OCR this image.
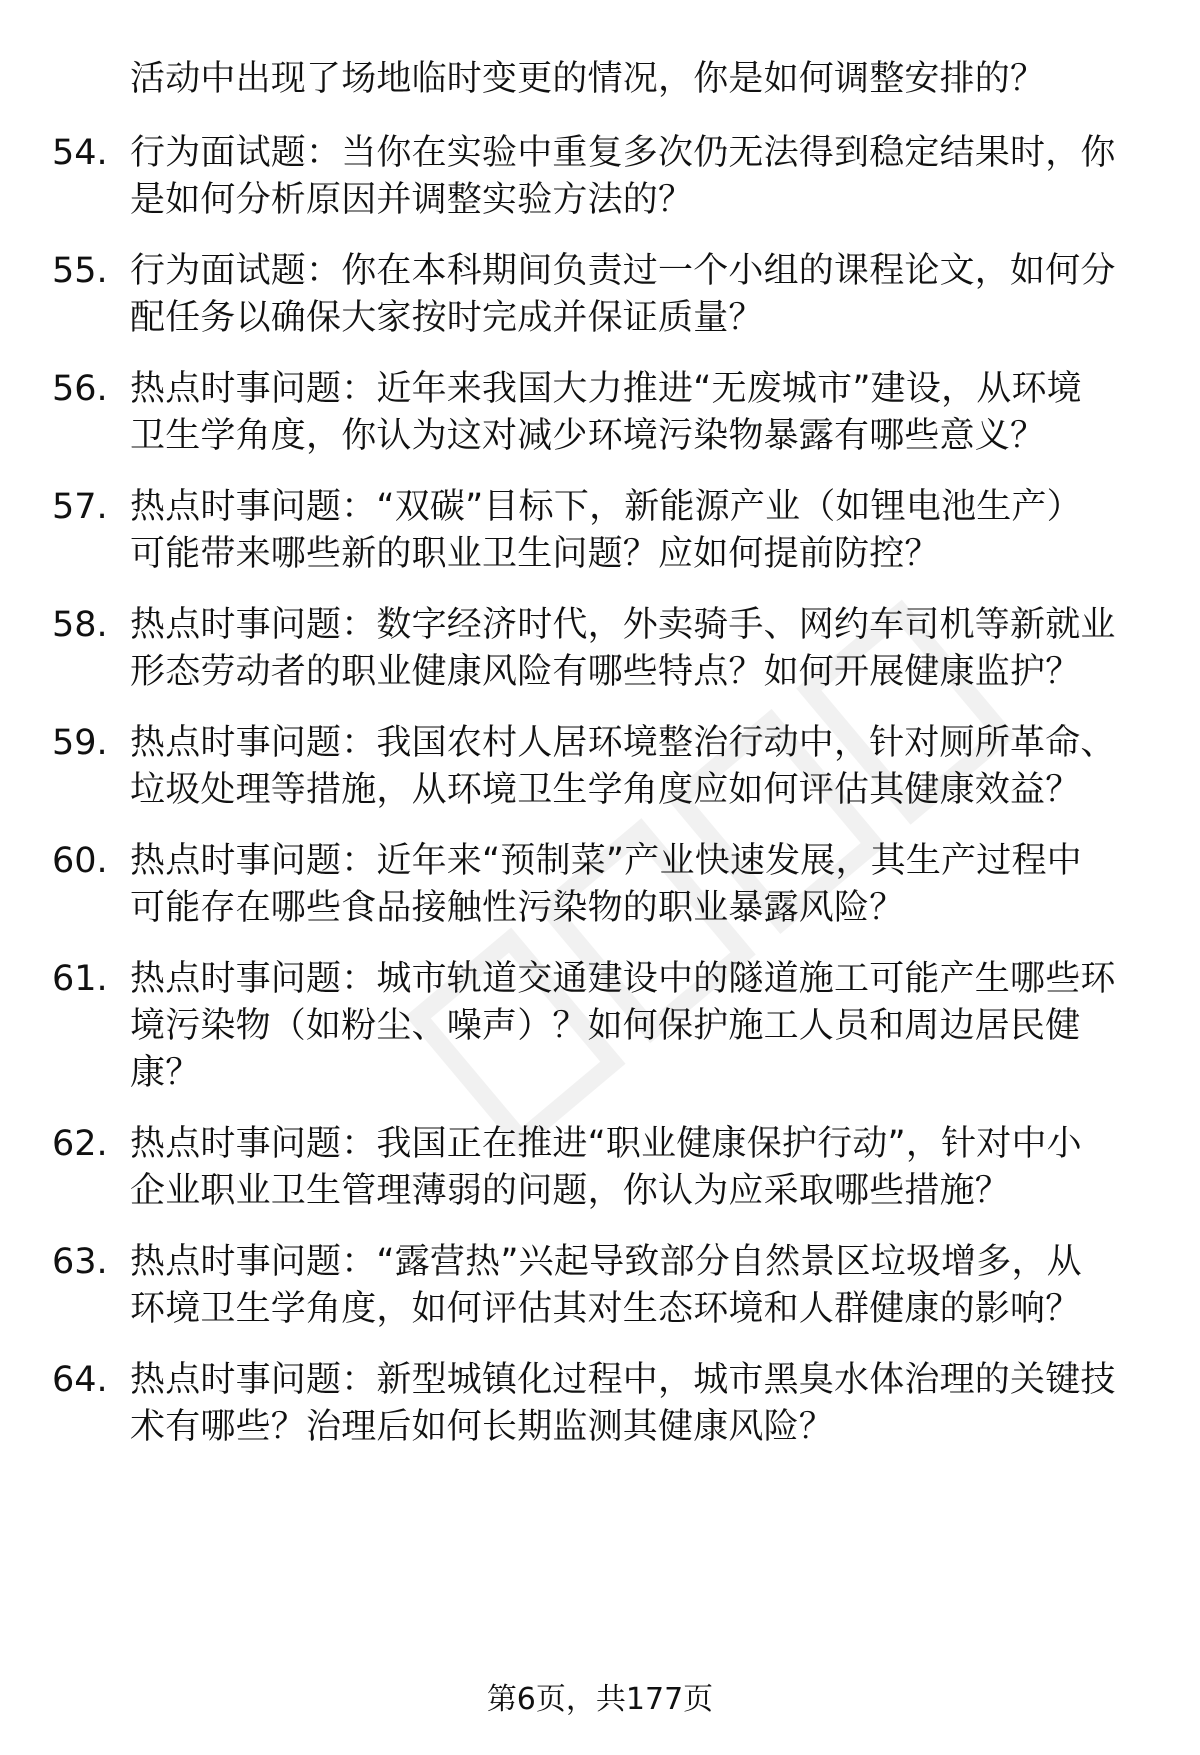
活动中出现了场地临时变更的情况，你是如何调整安排的？
54. 行为面试题：当你在实验中重复多次仍无法得到稳定结果时，你
是如何分析原因并调整实验方法的？
55. 行为面试题：你在本科期间负责过一个小组的课程论文，如何分
配任务以确保大家按时完成并保证质量？
56. 热点时事问题：近年来我国大力推进“无废城市”建设，从环境
卫生学角度，你认为这对减少环境污染物暴露有哪些意义？
57. 热点时事问题：“双碳”目标下，新能源产业（如锂电池生产）
可能带来哪些新的职业卫生问题？应如何提前防控？
58. 热点时事问题：数字经济时代，外卖骑手、网约车司机等新就业
形态劳动者的职业健康风险有哪些特点？如何开展健康监护？
59. 热点时事问题：我国农村人居环境整治行动中，针对厕所革命、
垃圾处理等措施，从环境卫生学角度应如何评估其健康效益？
60. 热点时事问题：近年来“预制菜”产业快速发展，其生产过程中
可能存在哪些食品接触性污染物的职业暴露风险？
61. 热点时事问题：城市轨道交通建设中的隧道施工可能产生哪些环
境污染物（如粉尘、噪声）？如何保护施工人员和周边居民健
康？
62. 热点时事问题：我国正在推进“职业健康保护行动”，针对中小
企业职业卫生管理薄弱的问题，你认为应采取哪些措施？
63. 热点时事问题：“露营热”兴起导致部分自然景区垃圾增多，从
环境卫生学角度，如何评估其对生态环境和人群健康的影响？
64. 热点时事问题：新型城镇化过程中，城市黑臭水体治理的关键技
术有哪些？治理后如何长期监测其健康风险？
第6页，共177页
